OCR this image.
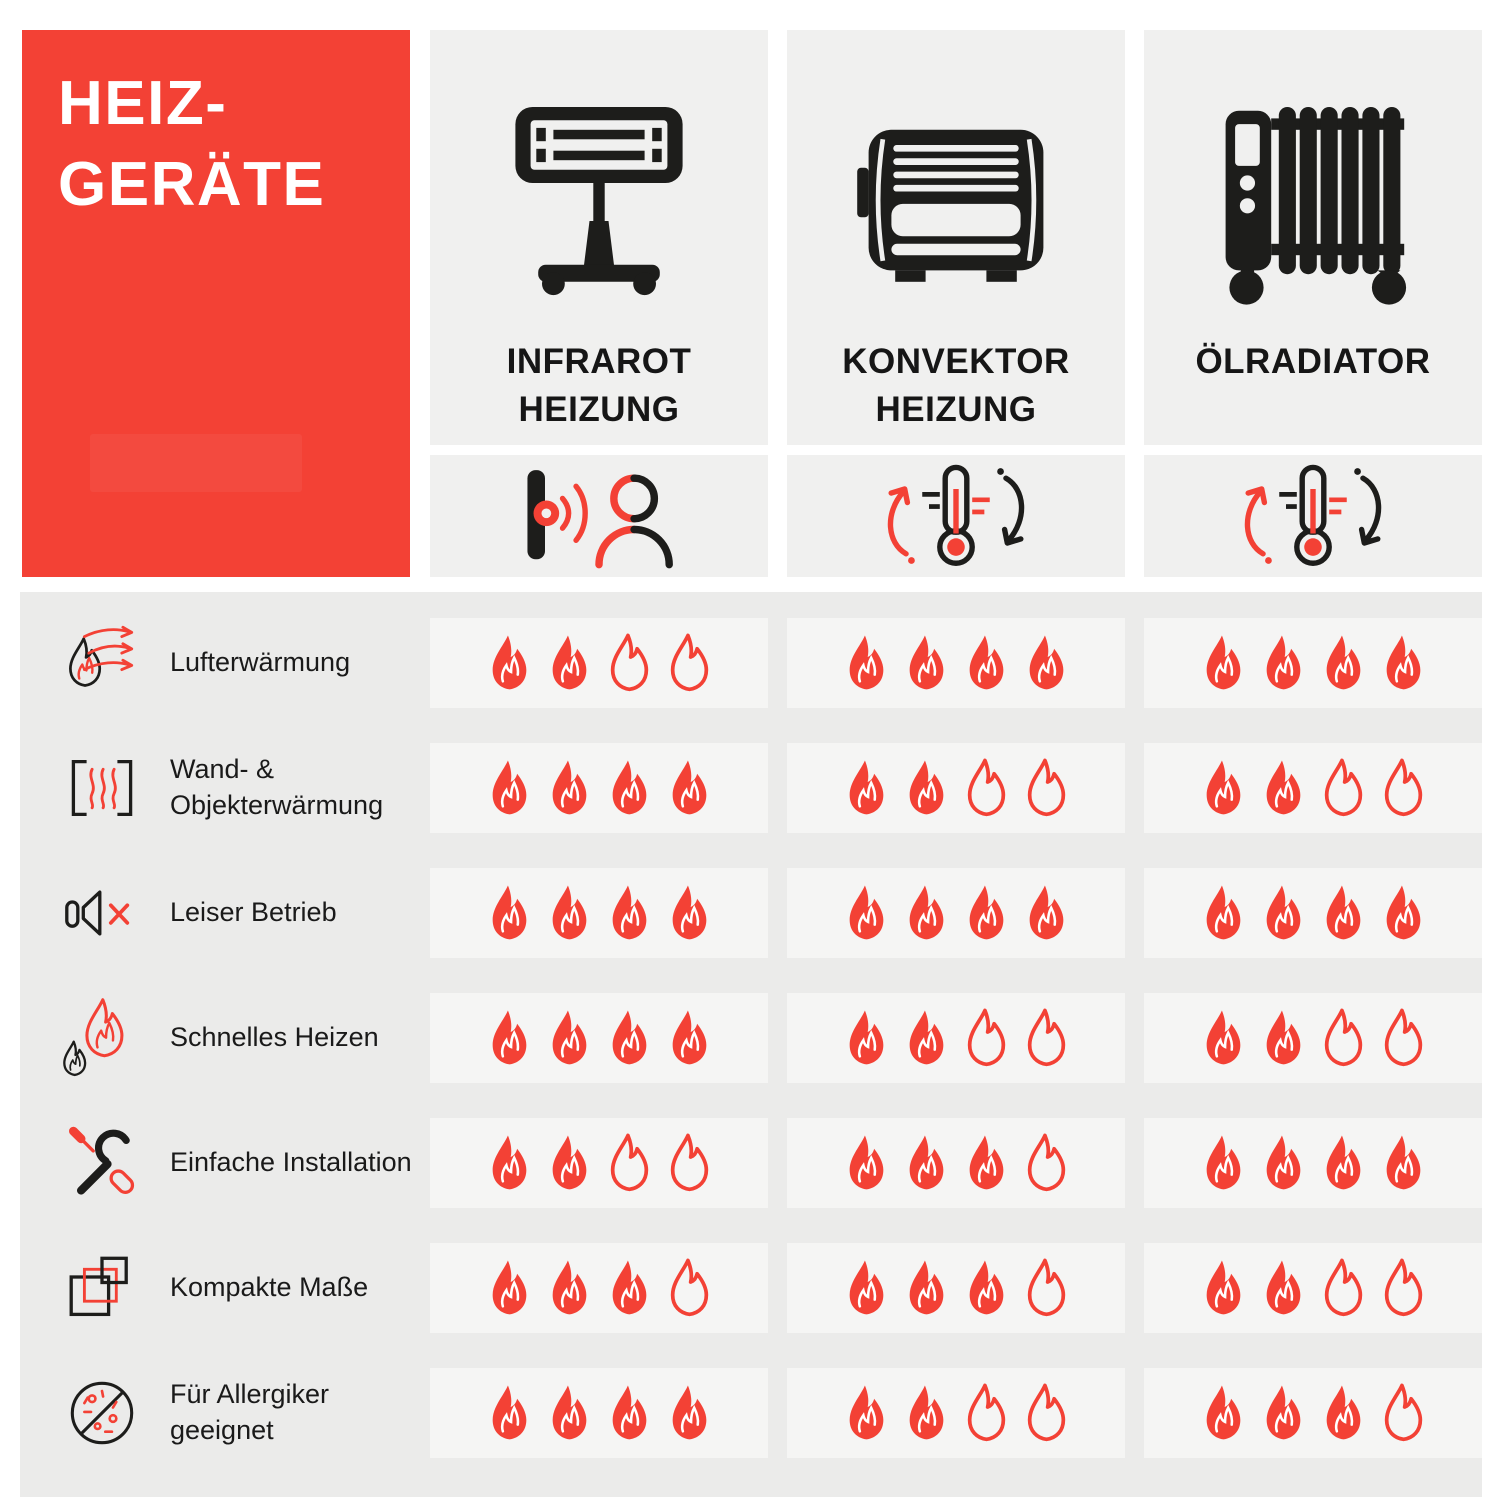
HEIZ-
GERÄTE
INFRAROT HEIZUNG
KONVEKTOR HEIZUNG
ÖLRADIATOR
Lufterwärmung
Wand- & Objekterwärmung
Leiser Betrieb
Schnelles Heizen
Einfache Installation
Kompakte Maße
Für Allergiker geeignet
